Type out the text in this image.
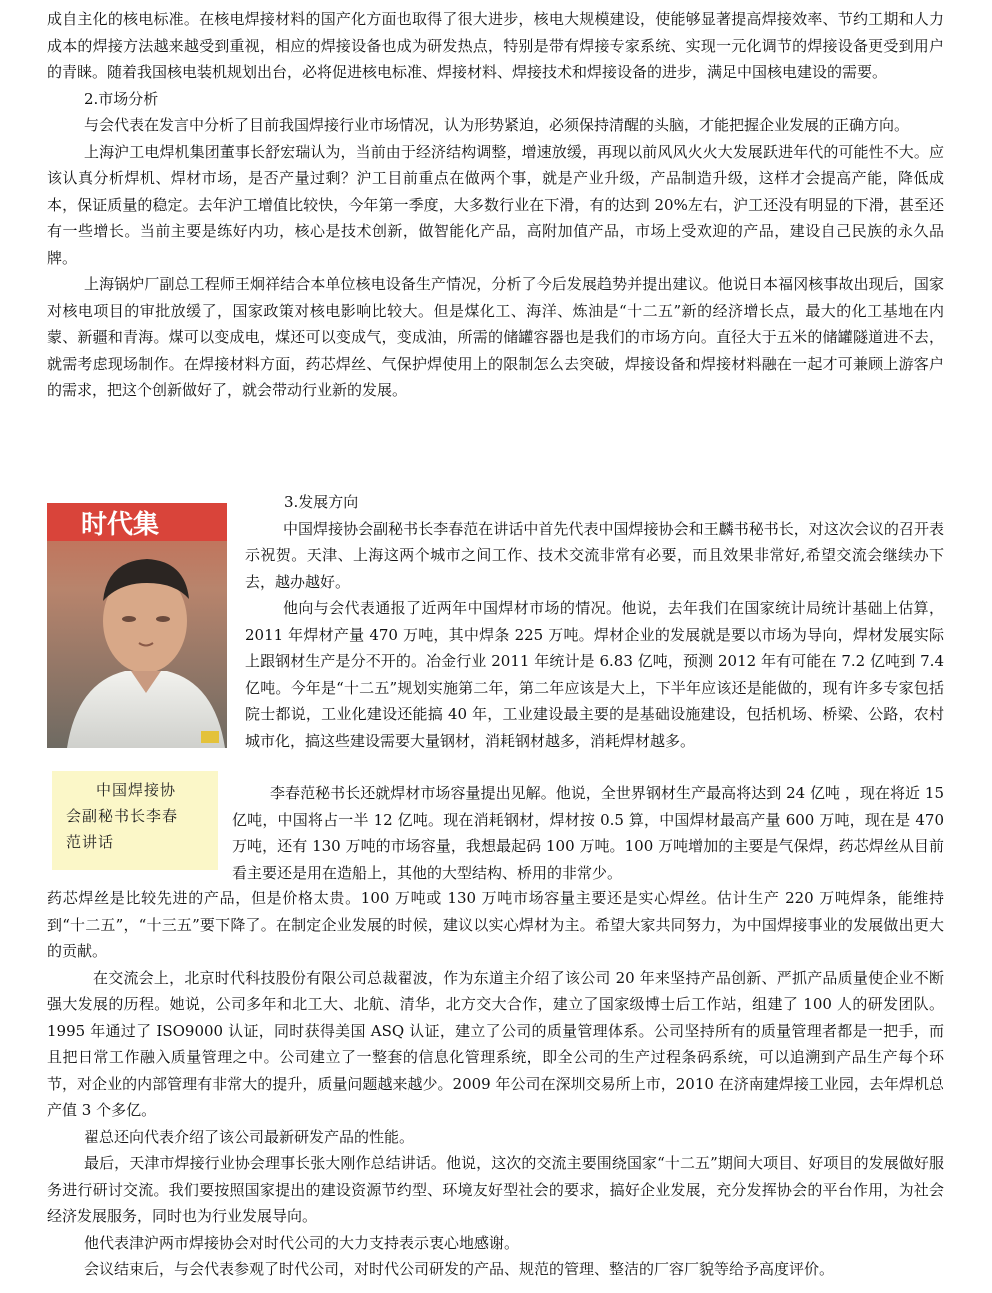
成自主化的核电标准。在核电焊接材料的国产化方面也取得了很大进步，核电大规模建设，使能够显著提高焊接效率、节约工期和人力成本的焊接方法越来越受到重视，相应的焊接设备也成为研发热点，特别是带有焊接专家系统、实现一元化调节的焊接设备更受到用户的青睐。随着我国核电装机规划出台，必将促进核电标准、焊接材料、焊接技术和焊接设备的进步，满足中国核电建设的需要。

2.市场分析

与会代表在发言中分析了目前我国焊接行业市场情况，认为形势紧迫，必须保持清醒的头脑，才能把握企业发展的正确方向。

上海沪工电焊机集团董事长舒宏瑞认为，当前由于经济结构调整，增速放缓，再现以前风风火火大发展跃进年代的可能性不大。应该认真分析焊机、焊材市场，是否产量过剩？沪工目前重点在做两个事，就是产业升级，产品制造升级，这样才会提高产能，降低成本，保证质量的稳定。去年沪工增值比较快，今年第一季度，大多数行业在下滑，有的达到 20%左右，沪工还没有明显的下滑，甚至还有一些增长。当前主要是练好内功，核心是技术创新，做智能化产品，高附加值产品，市场上受欢迎的产品，建设自己民族的永久品牌。

上海锅炉厂副总工程师王炯祥结合本单位核电设备生产情况，分析了今后发展趋势并提出建议。他说日本福冈核事故出现后，国家对核电项目的审批放缓了，国家政策对核电影响比较大。但是煤化工、海洋、炼油是“十二五”新的经济增长点，最大的化工基地在内蒙、新疆和青海。煤可以变成电，煤还可以变成气，变成油，所需的储罐容器也是我们的市场方向。直径大于五米的储罐隧道进不去，就需考虑现场制作。在焊接材料方面，药芯焊丝、气保护焊使用上的限制怎么去突破，焊接设备和焊接材料融在一起才可兼顾上游客户的需求，把这个创新做好了，就会带动行业新的发展。

时代集
中国焊接协
会副秘书长李春
范讲话

3.发展方向

中国焊接协会副秘书长李春范在讲话中首先代表中国焊接协会和王麟书秘书长，对这次会议的召开表示祝贺。天津、上海这两个城市之间工作、技术交流非常有必要，而且效果非常好,希望交流会继续办下去，越办越好。

他向与会代表通报了近两年中国焊材市场的情况。他说，去年我们在国家统计局统计基础上估算，2011 年焊材产量 470 万吨，其中焊条 225 万吨。焊材企业的发展就是要以市场为导向，焊材发展实际上跟钢材生产是分不开的。冶金行业 2011 年统计是 6.83 亿吨，预测 2012 年有可能在 7.2 亿吨到 7.4 亿吨。今年是“十二五”规划实施第二年，第二年应该是大上，下半年应该还是能做的，现有许多专家包括院士都说，工业化建设还能搞 40 年，工业建设最主要的是基础设施建设，包括机场、桥梁、公路，农村城市化，搞这些建设需要大量钢材，消耗钢材越多，消耗焊材越多。

李春范秘书长还就焊材市场容量提出见解。他说，全世界钢材生产最高将达到 24 亿吨 ，现在将近 15 亿吨，中国将占一半 12 亿吨。现在消耗钢材，焊材按 0.5 算，中国焊材最高产量 600 万吨，现在是 470 万吨，还有 130 万吨的市场容量，我想最起码 100 万吨。100 万吨增加的主要是气保焊，药芯焊丝从目前看主要还是用在造船上，其他的大型结构、桥用的非常少。

药芯焊丝是比较先进的产品，但是价格太贵。100 万吨或 130 万吨市场容量主要还是实心焊丝。估计生产 220 万吨焊条，能维持到“十二五”，“十三五”要下降了。在制定企业发展的时候，建议以实心焊材为主。希望大家共同努力，为中国焊接事业的发展做出更大的贡献。

在交流会上，北京时代科技股份有限公司总裁翟波，作为东道主介绍了该公司 20 年来坚持产品创新、严抓产品质量使企业不断强大发展的历程。她说，公司多年和北工大、北航、清华，北方交大合作，建立了国家级博士后工作站，组建了 100 人的研发团队。1995 年通过了 ISO9000 认证，同时获得美国 ASQ 认证，建立了公司的质量管理体系。公司坚持所有的质量管理者都是一把手，而且把日常工作融入质量管理之中。公司建立了一整套的信息化管理系统，即全公司的生产过程条码系统，可以追溯到产品生产每个环节，对企业的内部管理有非常大的提升，质量问题越来越少。2009 年公司在深圳交易所上市，2010 在济南建焊接工业园，去年焊机总产值 3 个多亿。

翟总还向代表介绍了该公司最新研发产品的性能。

最后，天津市焊接行业协会理事长张大刚作总结讲话。他说，这次的交流主要围绕国家“十二五”期间大项目、好项目的发展做好服务进行研讨交流。我们要按照国家提出的建设资源节约型、环境友好型社会的要求，搞好企业发展，充分发挥协会的平台作用，为社会经济发展服务，同时也为行业发展导向。

他代表津沪两市焊接协会对时代公司的大力支持表示衷心地感谢。

会议结束后，与会代表参观了时代公司，对时代公司研发的产品、规范的管理、整洁的厂容厂貌等给予高度评价。
